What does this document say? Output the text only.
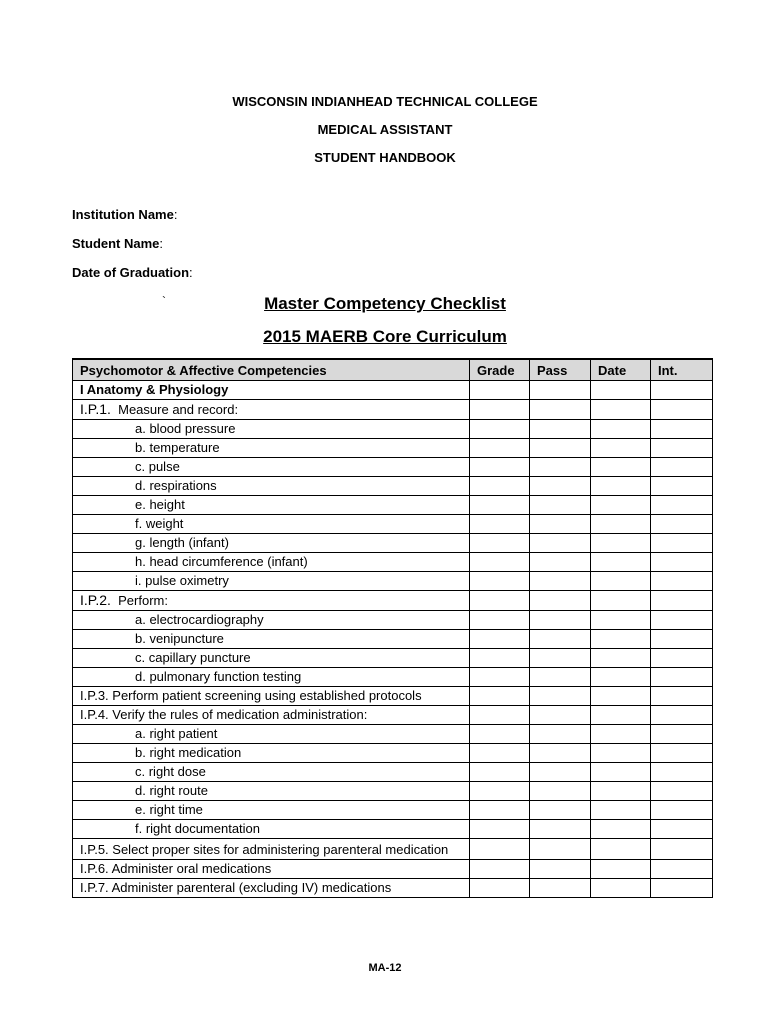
WISCONSIN INDIANHEAD TECHNICAL COLLEGE
MEDICAL ASSISTANT
STUDENT HANDBOOK
Institution Name:
Student Name:
Date of Graduation:
`	Master Competency Checklist
2015 MAERB Core Curriculum
Psychomotor & Affective Competencies	Grade	Pass	Date	Int.
I Anatomy & Physiology				
I.P.1. Measure and record:				
a. blood pressure				
b. temperature				
c. pulse				
d. respirations				
e. height				
f. weight				
g. length (infant)				
h. head circumference (infant)				
i. pulse oximetry				
I.P.2. Perform:				
a. electrocardiography				
b. venipuncture				
c. capillary puncture				
d. pulmonary function testing				
I.P.3. Perform patient screening using established protocols				
I.P.4. Verify the rules of medication administration:				
a. right patient				
b. right medication				
c. right dose				
d. right route				
e. right time				
f. right documentation				
I.P.5. Select proper sites for administering parenteral medication				
I.P.6. Administer oral medications				
I.P.7. Administer parenteral (excluding IV) medications				
MA-12
